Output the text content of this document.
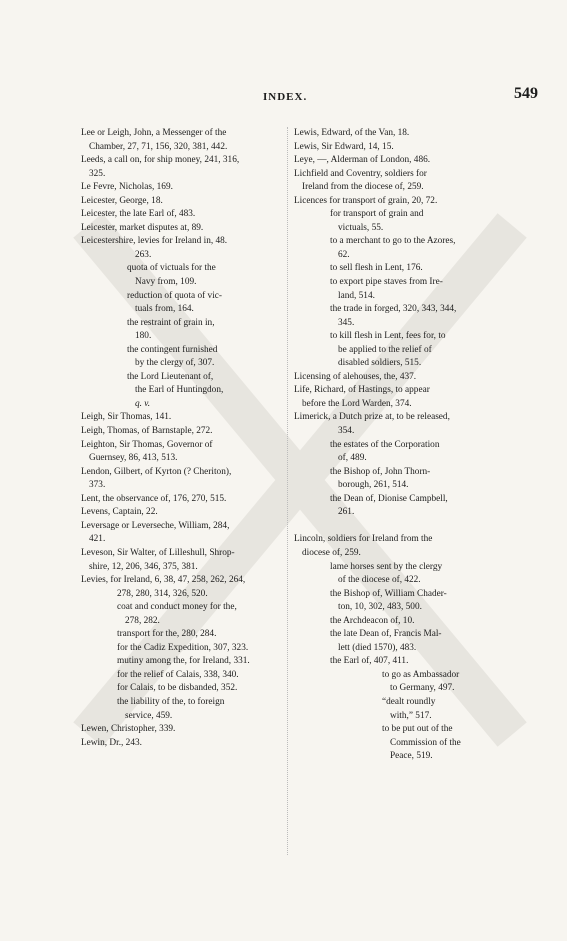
INDEX.	549
Lee or Leigh, John, a Messenger of the
Chamber, 27, 71, 156, 320, 381, 442.
Leeds, a call on, for ship money, 241, 316,
325.
Le Fevre, Nicholas, 169.
Leicester, George, 18.
Leicester, the late Earl of, 483.
Leicester, market disputes at, 89.
Leicestershire, levies for Ireland in, 48.
263.
quota of victuals for the
Navy from, 109.
reduction of quota of vic-
tuals from, 164.
the restraint of grain in,
180.
the contingent furnished
by the clergy of, 307.
the Lord Lieutenant of,
the Earl of Huntingdon,
q. v.
Leigh, Sir Thomas, 141.
Leigh, Thomas, of Barnstaple, 272.
Leighton, Sir Thomas, Governor of
Guernsey, 86, 413, 513.
Lendon, Gilbert, of Kyrton (? Cheriton),
373.
Lent, the observance of, 176, 270, 515.
Levens, Captain, 22.
Leversage or Leverseche, William, 284,
421.
Leveson, Sir Walter, of Lilleshull, Shrop-
shire, 12, 206, 346, 375, 381.
Levies, for Ireland, 6, 38, 47, 258, 262, 264,
278, 280, 314, 326, 520.
coat and conduct money for the,
278, 282.
transport for the, 280, 284.
for the Cadiz Expedition, 307, 323.
mutiny among the, for Ireland, 331.
for the relief of Calais, 338, 340.
for Calais, to be disbanded, 352.
the liability of the, to foreign
service, 459.
Lewen, Christopher, 339.
Lewin, Dr., 243.
Lewis, Edward, of the Van, 18.
Lewis, Sir Edward, 14, 15.
Leye, —, Alderman of London, 486.
Lichfield and Coventry, soldiers for
Ireland from the diocese of, 259.
Licences for transport of grain, 20, 72.
for transport of grain and
victuals, 55.
to a merchant to go to the Azores,
62.
to sell flesh in Lent, 176.
to export pipe staves from Ire-
land, 514.
the trade in forged, 320, 343, 344,
345.
to kill flesh in Lent, fees for, to
be applied to the relief of
disabled soldiers, 515.
Licensing of alehouses, the, 437.
Life, Richard, of Hastings, to appear
before the Lord Warden, 374.
Limerick, a Dutch prize at, to be released,
354.
the estates of the Corporation
of, 489.
the Bishop of, John Thorn-
borough, 261, 514.
the Dean of, Dionise Campbell,
261.
Lincoln, soldiers for Ireland from the
diocese of, 259.
lame horses sent by the clergy
of the diocese of, 422.
the Bishop of, William Chader-
ton, 10, 302, 483, 500.
the Archdeacon of, 10.
the late Dean of, Francis Mal-
lett (died 1570), 483.
the Earl of, 407, 411.
to go as Ambassador
to Germany, 497.
“dealt roundly
with,” 517.
to be put out of the
Commission of the
Peace, 519.
